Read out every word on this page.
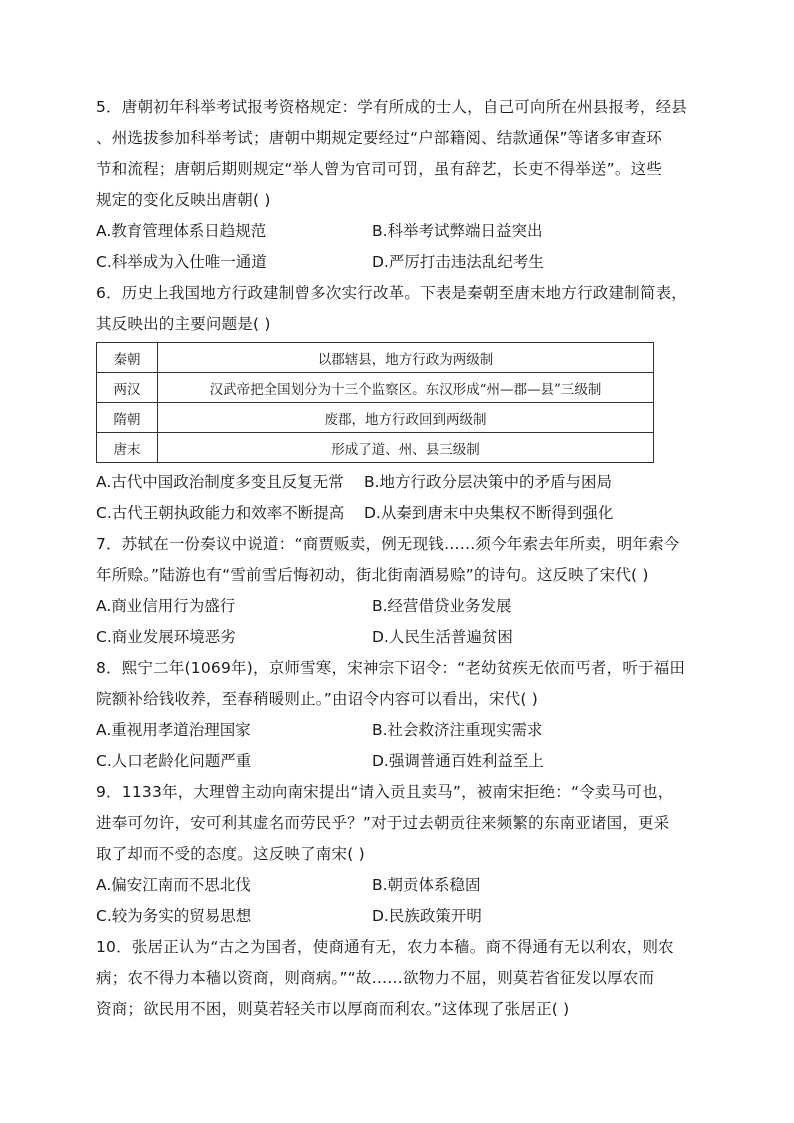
5．唐朝初年科举考试报考资格规定：学有所成的士人，自己可向所在州县报考，经县
、州选拔参加科举考试；唐朝中期规定要经过“户部籍阅、结款通保”等诸多审查环
节和流程；唐朝后期则规定“举人曾为官司可罚，虽有辞艺，长吏不得举送”。这些
规定的变化反映出唐朝( )
A.教育管理体系日趋规范	B.科举考试弊端日益突出
C.科举成为入仕唯一通道	D.严厉打击违法乱纪考生
6．历史上我国地方行政建制曾多次实行改革。下表是秦朝至唐末地方行政建制简表，
其反映出的主要问题是( )
秦朝	以郡辖县，地方行政为两级制
两汉	汉武帝把全国划分为十三个监察区。东汉形成“州—郡—县”三级制
隋朝	废郡，地方行政回到两级制
唐末	形成了道、州、县三级制
A.古代中国政治制度多变且反复无常	B.地方行政分层决策中的矛盾与困局
C.古代王朝执政能力和效率不断提高	D.从秦到唐末中央集权不断得到强化
7．苏轼在一份奏议中说道：“商贾贩卖，例无现钱……须今年索去年所卖，明年索今
年所赊。”陆游也有“雪前雪后悔初动，街北街南酒易赊”的诗句。这反映了宋代( )
A.商业信用行为盛行	B.经营借贷业务发展
C.商业发展环境恶劣	D.人民生活普遍贫困
8．熙宁二年(1069年)，京师雪寒，宋神宗下诏令：“老幼贫疾无依而丐者，听于福田
院额补给钱收养，至春稍暖则止。”由诏令内容可以看出，宋代( )
A.重视用孝道治理国家	B.社会救济注重现实需求
C.人口老龄化问题严重	D.强调普通百姓利益至上
9．1133年，大理曾主动向南宋提出“请入贡且卖马”，被南宋拒绝：“令卖马可也，
进奉可勿许，安可利其虚名而劳民乎？”对于过去朝贡往来频繁的东南亚诸国，更采
取了却而不受的态度。这反映了南宋( )
A.偏安江南而不思北伐	B.朝贡体系稳固
C.较为务实的贸易思想	D.民族政策开明
10．张居正认为“古之为国者，使商通有无，农力本穑。商不得通有无以利农，则农
病；农不得力本穑以资商，则商病。”“故……欲物力不屈，则莫若省征发以厚农而
资商；欲民用不困，则莫若轻关市以厚商而利农。”这体现了张居正( )
